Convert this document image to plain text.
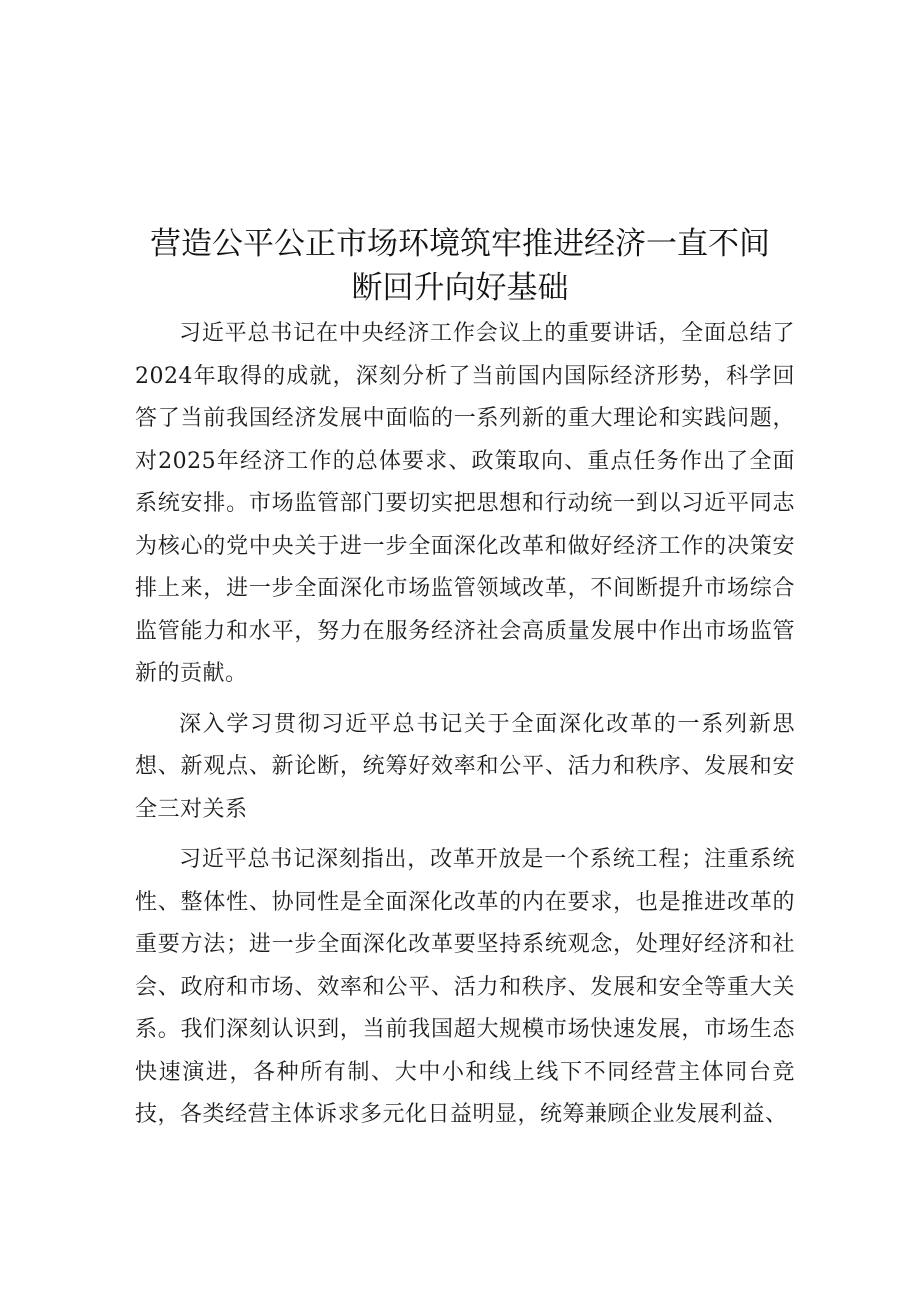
营造公平公正市场环境筑牢推进经济一直不间
断回升向好基础

习近平总书记在中央经济工作会议上的重要讲话，全面总结了2024年取得的成就，深刻分析了当前国内国际经济形势，科学回答了当前我国经济发展中面临的一系列新的重大理论和实践问题，对2025年经济工作的总体要求、政策取向、重点任务作出了全面系统安排。市场监管部门要切实把思想和行动统一到以习近平同志为核心的党中央关于进一步全面深化改革和做好经济工作的决策安排上来，进一步全面深化市场监管领域改革，不间断提升市场综合监管能力和水平，努力在服务经济社会高质量发展中作出市场监管新的贡献。

深入学习贯彻习近平总书记关于全面深化改革的一系列新思想、新观点、新论断，统筹好效率和公平、活力和秩序、发展和安全三对关系

习近平总书记深刻指出，改革开放是一个系统工程；注重系统性、整体性、协同性是全面深化改革的内在要求，也是推进改革的重要方法；进一步全面深化改革要坚持系统观念，处理好经济和社会、政府和市场、效率和公平、活力和秩序、发展和安全等重大关系。我们深刻认识到，当前我国超大规模市场快速发展，市场生态快速演进，各种所有制、大中小和线上线下不同经营主体同台竞技，各类经营主体诉求多元化日益明显，统筹兼顾企业发展利益、
